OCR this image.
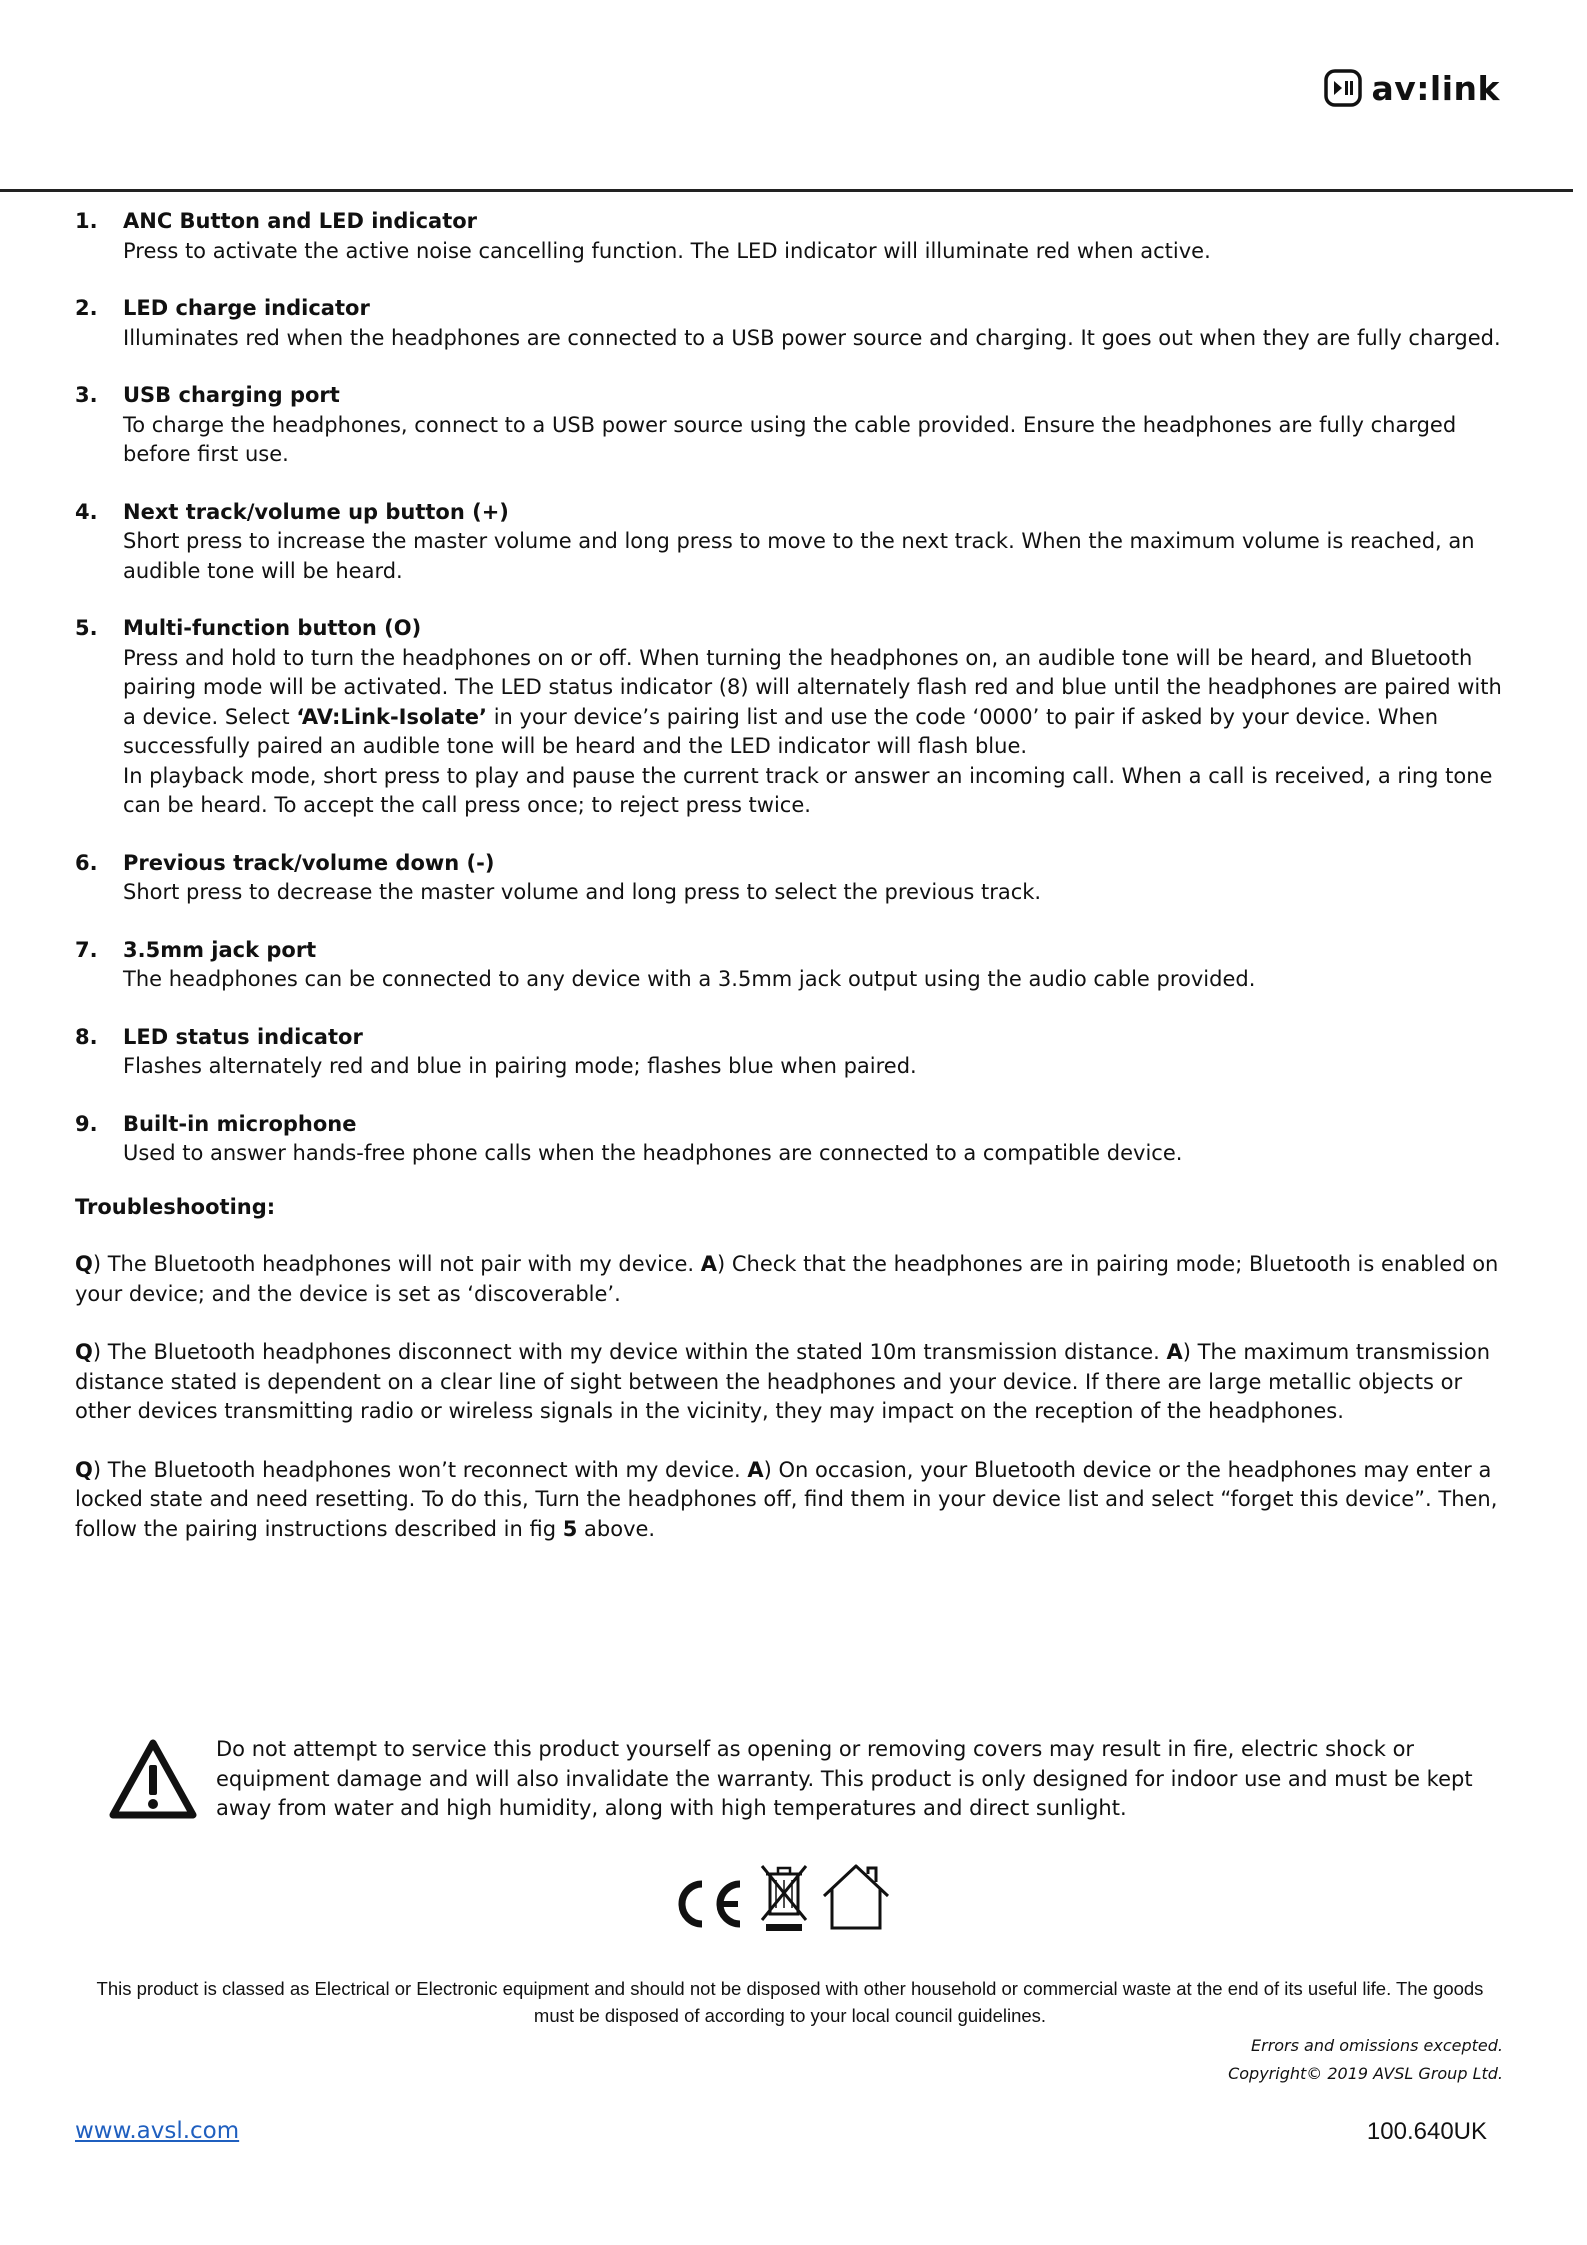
av:link
1. ANC Button and LED indicator

Press to activate the active noise cancelling function. The LED indicator will illuminate red when active.

2. LED charge indicator

Illuminates red when the headphones are connected to a USB power source and charging. It goes out when they are fully charged.

3. USB charging port

To charge the headphones, connect to a USB power source using the cable provided. Ensure the headphones are fully charged before first use.

4. Next track/volume up button (+)

Short press to increase the master volume and long press to move to the next track. When the maximum volume is reached, an audible tone will be heard.

5. Multi-function button (O)

Press and hold to turn the headphones on or off. When turning the headphones on, an audible tone will be heard, and Bluetooth pairing mode will be activated. The LED status indicator (8) will alternately flash red and blue until the headphones are paired with a device. Select ‘AV:Link-Isolate’ in your device’s pairing list and use the code ‘0000’ to pair if asked by your device. When successfully paired an audible tone will be heard and the LED indicator will flash blue.

In playback mode, short press to play and pause the current track or answer an incoming call. When a call is received, a ring tone can be heard. To accept the call press once; to reject press twice.

6. Previous track/volume down (-)

Short press to decrease the master volume and long press to select the previous track.

7. 3.5mm jack port

The headphones can be connected to any device with a 3.5mm jack output using the audio cable provided.

8. LED status indicator

Flashes alternately red and blue in pairing mode; flashes blue when paired.

9. Built-in microphone

Used to answer hands-free phone calls when the headphones are connected to a compatible device.

Troubleshooting:

Q) The Bluetooth headphones will not pair with my device. A) Check that the headphones are in pairing mode; Bluetooth is enabled on your device; and the device is set as ‘discoverable’.

Q) The Bluetooth headphones disconnect with my device within the stated 10m transmission distance. A) The maximum transmission distance stated is dependent on a clear line of sight between the headphones and your device. If there are large metallic objects or other devices transmitting radio or wireless signals in the vicinity, they may impact on the reception of the headphones.

Q) The Bluetooth headphones won’t reconnect with my device. A) On occasion, your Bluetooth device or the headphones may enter a locked state and need resetting. To do this, Turn the headphones off, find them in your device list and select “forget this device”. Then, follow the pairing instructions described in fig 5 above.

Do not attempt to service this product yourself as opening or removing covers may result in fire, electric shock or equipment damage and will also invalidate the warranty. This product is only designed for indoor use and must be kept away from water and high humidity, along with high temperatures and direct sunlight.

This product is classed as Electrical or Electronic equipment and should not be disposed with other household or commercial waste at the end of its useful life. The goods must be disposed of according to your local council guidelines.

Errors and omissions excepted.
Copyright© 2019 AVSL Group Ltd.
www.avsl.com	100.640UK
